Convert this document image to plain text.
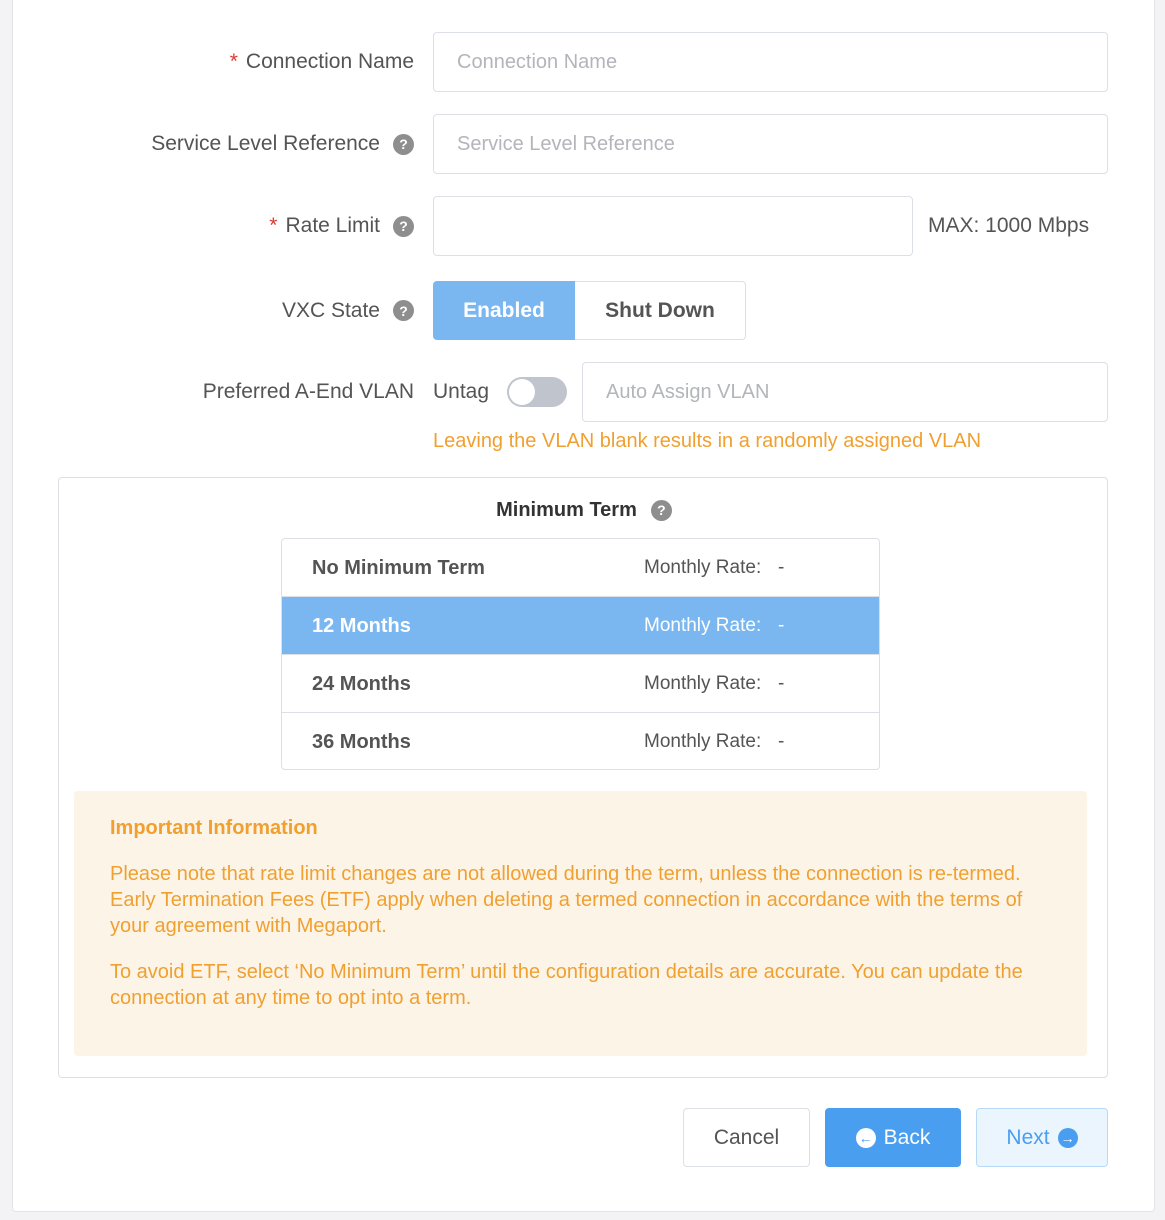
* Connection Name
Connection Name
Service Level Reference	?
Service Level Reference
* Rate Limit	?	MAX: 1000 Mbps
VXC State	?	Enabled	Shut Down
Preferred A-End VLAN Untag
Auto Assign VLAN
Leaving the VLAN blank results in a randomly assigned VLAN
Minimum Term	?
No Minimum Term	Monthly Rate: -
12 Months	Monthly Rate: -
24 Months	Monthly Rate: -
36 Months	Monthly Rate: -
Important Information

Please note that rate limit changes are not allowed during the term, unless the connection is re-termed. Early Termination Fees (ETF) apply when deleting a termed connection in accordance with the terms of your agreement with Megaport.

To avoid ETF, select ‘No Minimum Term’ until the configuration details are accurate. You can update the connection at any time to opt into a term.

Cancel	← Back	Next →
